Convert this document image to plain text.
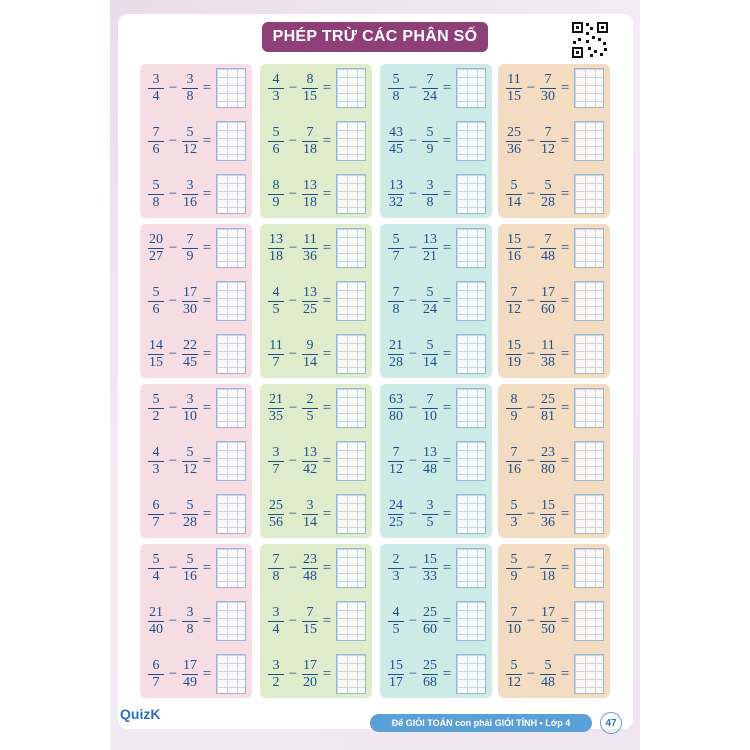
PHÉP TRỪ CÁC PHÂN SỐ
$\frac{3}{4} - \frac{3}{8}$ =
$\frac{7}{6} - \frac{5}{12}$ =
$\frac{5}{8} - \frac{3}{16}$ =
$\frac{4}{3} - \frac{8}{15}$ =
$\frac{5}{6} - \frac{7}{18}$ =
$\frac{8}{9} - \frac{13}{18}$ =
$\frac{5}{8} - \frac{7}{24}$ =
$\frac{43}{45} - \frac{5}{9}$ =
$\frac{13}{32} - \frac{3}{8}$ =
$\frac{11}{15} - \frac{7}{30}$ =
$\frac{25}{36} - \frac{7}{12}$ =
$\frac{5}{14} - \frac{5}{28}$ =
$\frac{20}{27} - \frac{7}{9}$ =
$\frac{5}{6} - \frac{17}{30}$ =
$\frac{14}{15} - \frac{22}{45}$ =
$\frac{13}{18} - \frac{11}{36}$ =
$\frac{4}{5} - \frac{13}{25}$ =
$\frac{11}{7} - \frac{9}{14}$ =
$\frac{5}{7} - \frac{13}{21}$ =
$\frac{7}{8} - \frac{5}{24}$ =
$\frac{21}{28} - \frac{5}{14}$ =
$\frac{15}{16} - \frac{7}{48}$ =
$\frac{7}{12} - \frac{17}{60}$ =
$\frac{15}{19} - \frac{11}{38}$ =
$\frac{5}{2} - \frac{3}{10}$ =
$\frac{4}{3} - \frac{5}{12}$ =
$\frac{6}{7} - \frac{5}{28}$ =
$\frac{21}{35} - \frac{2}{5}$ =
$\frac{3}{7} - \frac{13}{42}$ =
$\frac{25}{56} - \frac{3}{14}$ =
$\frac{63}{80} - \frac{7}{10}$ =
$\frac{7}{12} - \frac{13}{48}$ =
$\frac{24}{25} - \frac{3}{5}$ =
$\frac{8}{9} - \frac{25}{81}$ =
$\frac{7}{16} - \frac{23}{80}$ =
$\frac{5}{3} - \frac{15}{36}$ =
$\frac{5}{4} - \frac{5}{16}$ =
$\frac{21}{40} - \frac{3}{8}$ =
$\frac{6}{7} - \frac{17}{49}$ =
$\frac{7}{8} - \frac{23}{48}$ =
$\frac{3}{4} - \frac{7}{15}$ =
$\frac{3}{2} - \frac{17}{20}$ =
$\frac{2}{3} - \frac{15}{33}$ =
$\frac{4}{5} - \frac{25}{60}$ =
$\frac{15}{17} - \frac{25}{68}$ =
$\frac{5}{9} - \frac{7}{18}$ =
$\frac{7}{10} - \frac{17}{50}$ =
$\frac{5}{12} - \frac{5}{48}$ =
QuizK
Để GIỎI TOÁN con phải GIỎI TÍNH • Lớp 4	47
